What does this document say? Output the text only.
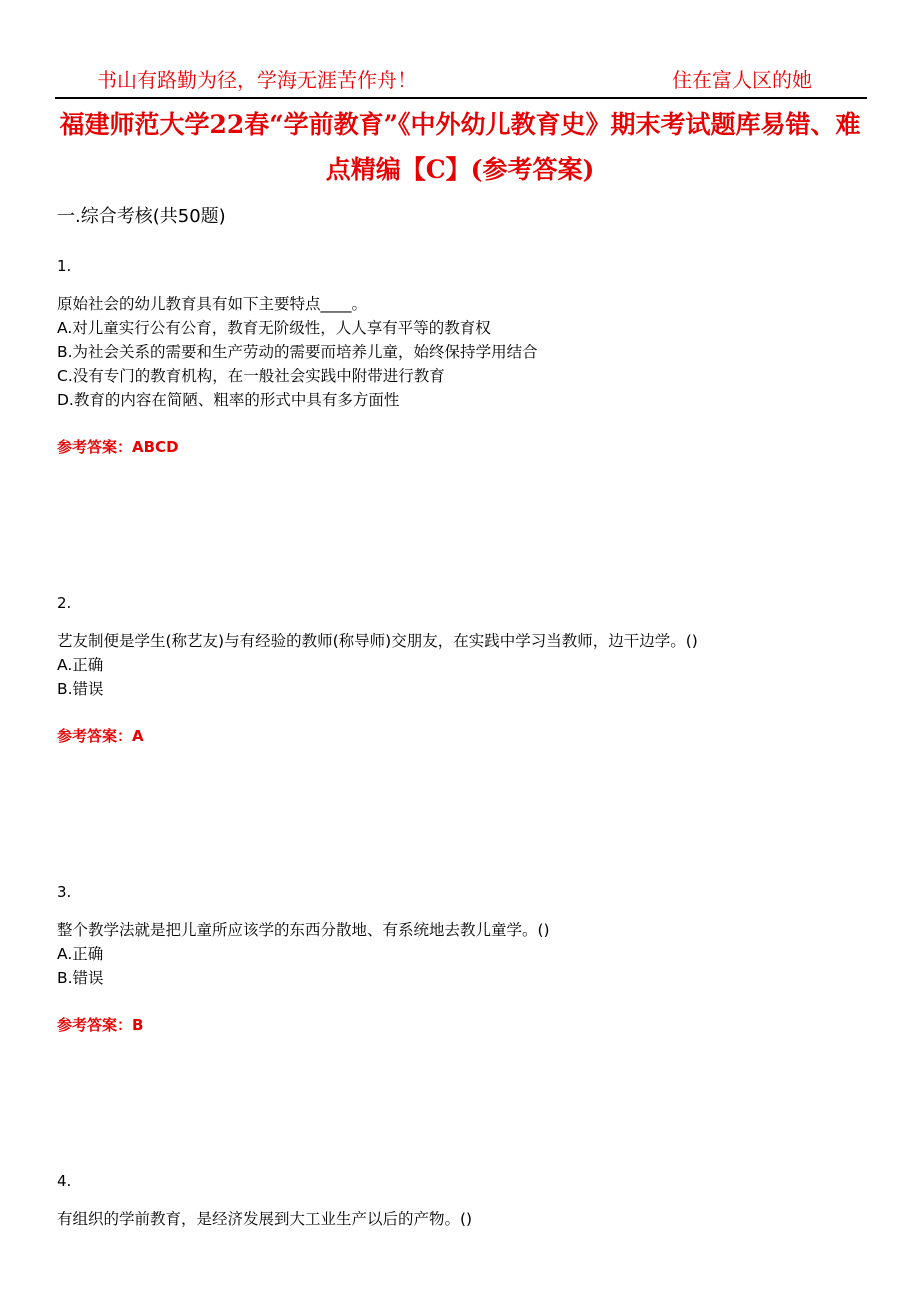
书山有路勤为径，学海无涯苦作舟！	住在富人区的她
福建师范大学22春“学前教育”《中外幼儿教育史》期末考试题库易错、难点精编【C】(参考答案)
一.综合考核(共50题)
1.
原始社会的幼儿教育具有如下主要特点____。
A.对儿童实行公有公育，教育无阶级性，人人享有平等的教育权
B.为社会关系的需要和生产劳动的需要而培养儿童，始终保持学用结合
C.没有专门的教育机构，在一般社会实践中附带进行教育
D.教育的内容在简陋、粗率的形式中具有多方面性
参考答案：ABCD
2.
艺友制便是学生(称艺友)与有经验的教师(称导师)交朋友，在实践中学习当教师，边干边学。()
A.正确
B.错误
参考答案：A
3.
整个教学法就是把儿童所应该学的东西分散地、有系统地去教儿童学。()
A.正确
B.错误
参考答案：B
4.
有组织的学前教育，是经济发展到大工业生产以后的产物。()
